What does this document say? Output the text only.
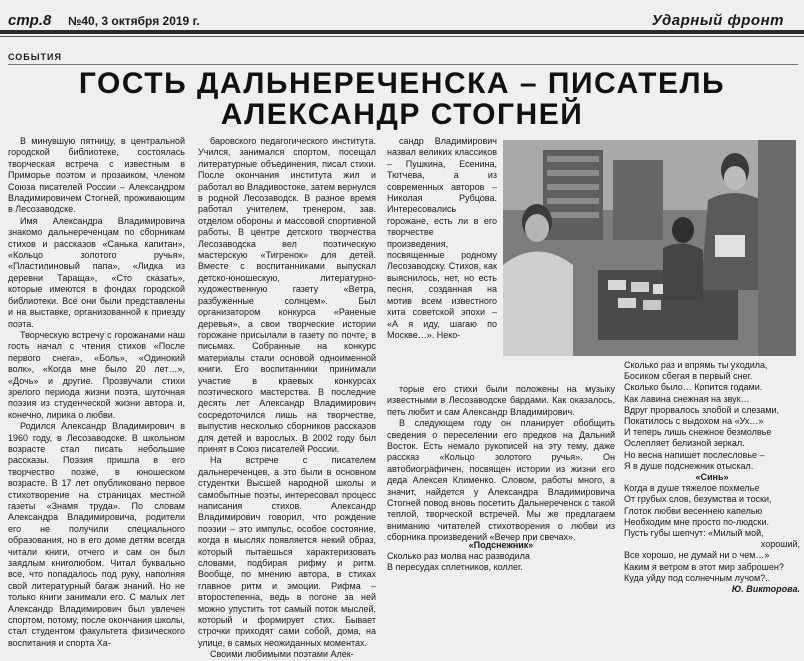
стр.8 №40, 3 октября 2019 г.	Ударный фронт
СОБЫТИЯ
ГОСТЬ ДАЛЬНЕРЕЧЕНСКА – ПИСАТЕЛЬ АЛЕКСАНДР СТОГНЕЙ

В минувшую пятницу, в центральной городской библиотеке, состоялась творческая встреча с известным в Приморье поэтом и прозаиком, членом Союза писателей России – Александром Владимировичем Стогней, проживающим в Лесозаводске.

Имя Александра Владимировича знакомо дальнереченцам по сборникам стихов и рассказов «Санька капитан», «Кольцо золотого ручья», «Пластилиновый папа», «Лидка из деревни Тараща», «Сто сказать», которые имеются в фондах городской библиотеки. Все они были представлены и на выставке, организованной к приезду поэта.

Творческую встречу с горожанами наш гость начал с чтения стихов «После первого снега», «Боль», «Одинокий волк», «Когда мне было 20 лет…», «Дочь» и другие. Прозвучали стихи зрелого периода жизни поэта, шуточная поэзия из студенческой жизни автора и, конечно, лирика о любви.

Родился Александр Владимирович в 1960 году, в Лесозаводске. В школьном возрасте стал писать небольшие рассказы. Поэзия пришла в его творчество позже, в юношеском возрасте. В 17 лет опубликовано первое стихотворение на страницах местной газеты «Знамя труда». По словам Александра Владимировича, родители его не получили специального образования, но в его доме детям всегда читали книги, отчего и сам он был заядлым книголюбом. Читал буквально все, что попадалось под руку, наполняя свой литературный багаж знаний. Но не только книги занимали его. С малых лет Александр Владимирович был увлечен спортом, потому, после окончания школы, стал студентом факультета физического воспитания и спорта Ха-

баровского педагогического института. Учился, занимался спортом, посещал литературные объединения, писал стихи. После окончания института жил и работал во Владивостоке, затем вернулся в родной Лесозаводск. В разное время работал учителем, тренером, зав. отделом обороны и массовой спортивной работы. В центре детского творчества Лесозаводска вел поэтическую мастерскую «Тигренок» для детей. Вместе с воспитанниками выпускал детско-юношескую, литературно-художественную газету «Ветра, разбуженные солнцем». Был организатором конкурса «Раненые деревья», а свои творческие истории горожане присылали в газету по почте, в письмах. Собранные на конкурс материалы стали основой одноименной книги. Его воспитанники принимали участие в краевых конкурсах поэтического мастерства. В последние десять лет Александр Владимирович сосредоточился лишь на творчестве, выпустив несколько сборников рассказов для детей и взрослых. В 2002 году был принят в Союз писателей России.

На встрече с писателем дальнереченцев, а это были в основном студентки Высшей народной школы и самобытные поэты, интересовал процесс написания стихов. Александр Владимирович говорил, что рождение поэзии – это импульс, особое состояние, когда в мыслях появляется некий образ, который пытаешься характеризовать словами, подбирая рифму и ритм. Вообще, по мнению автора, в стихах главное ритм и эмоции. Рифма – второстепенна, ведь в погоне за ней можно упустить тот самый поток мыслей, который и формирует стих. Бывает строчки приходят сами собой, дома, на улице, в самых неожиданных моментах.

Своими любимыми поэтами Алек-

сандр Владимирович назвал великих классиков – Пушкина, Есенина, Тютчева, а из современных авторов – Николая Рубцова. Интересовались горожане, есть ли в его творчестве произведения, посвященные родному Лесозаводску. Стихов, как выяснилось, нет, но есть песня, созданная на мотив всем известного хита советской эпохи – «А я иду, шагаю по Москве…». Неко-

торые его стихи были положены на музыку известными в Лесозаводске бардами. Как оказалось, петь любит и сам Александр Владимирович.

В следующем году он планирует обобщить сведения о переселении его предков на Дальний Восток. Есть немало рукописей на эту тему, даже рассказ «Кольцо золотого ручья». Он автобиографичен, посвящен истории из жизни его деда Алексея Клименко. Словом, работы много, а значит, найдется у Александра Владимировича Стогней повод вновь посетить Дальнереченск с такой теплой, творческой встречей. Мы же предлагаем вниманию читателей стихотворения о любви из сборника произведений «Вечер при свечах».

«Подснежник»
Сколько раз молва нас разводила
В пересудах сплетников, коллег.
Сколько раз и впрямь ты уходила,
Босиком сбегая в первый снег.
Сколько было… Копится годами.
Как лавина снежная на звук…
Вдруг прорвалось злобой и слезами,
Покатилось с выдохом на «Ух…»
И теперь лишь снежное безмолвье
Ослепляет белизной зеркал.
Но весна напишет послесловье –
Я в душе подснежник отыскал.
«Синь»
Когда в душе тяжелое похмелье
От грубых слов, безумства и тоски,
Глоток любви весеннею капелью
Необходим мне просто по-людски.
Пусть губы шепчут: «Милый мой,
хороший,
Все хорошо, не думай ни о чем…»
Каким я ветром в этот мир заброшен?
Куда уйду под солнечным лучом?..
Ю. Викторова.
